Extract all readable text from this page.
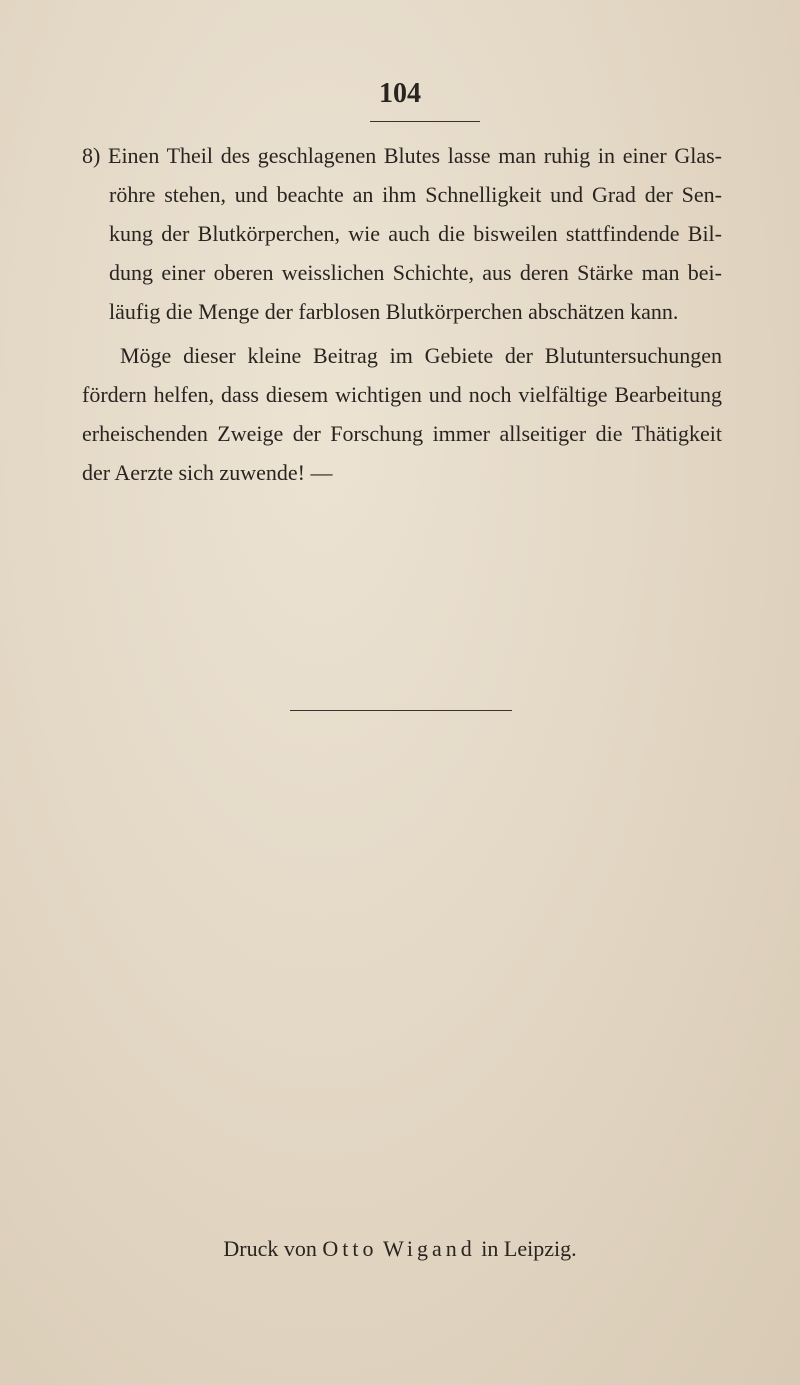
104
8) Einen Theil des geschlagenen Blutes lasse man ruhig in einer Glas-
röhre stehen, und beachte an ihm Schnelligkeit und Grad der Sen-
kung der Blutkörperchen, wie auch die bisweilen stattfindende Bil-
dung einer oberen weisslichen Schichte, aus deren Stärke man bei-
läufig die Menge der farblosen Blutkörperchen abschätzen kann.
Möge dieser kleine Beitrag im Gebiete der Blutuntersuchungen
fördern helfen, dass diesem wichtigen und noch vielfältige Bearbeitung
erheischenden Zweige der Forschung immer allseitiger die Thätigkeit
der Aerzte sich zuwende! —
Druck von Otto Wigand in Leipzig.
